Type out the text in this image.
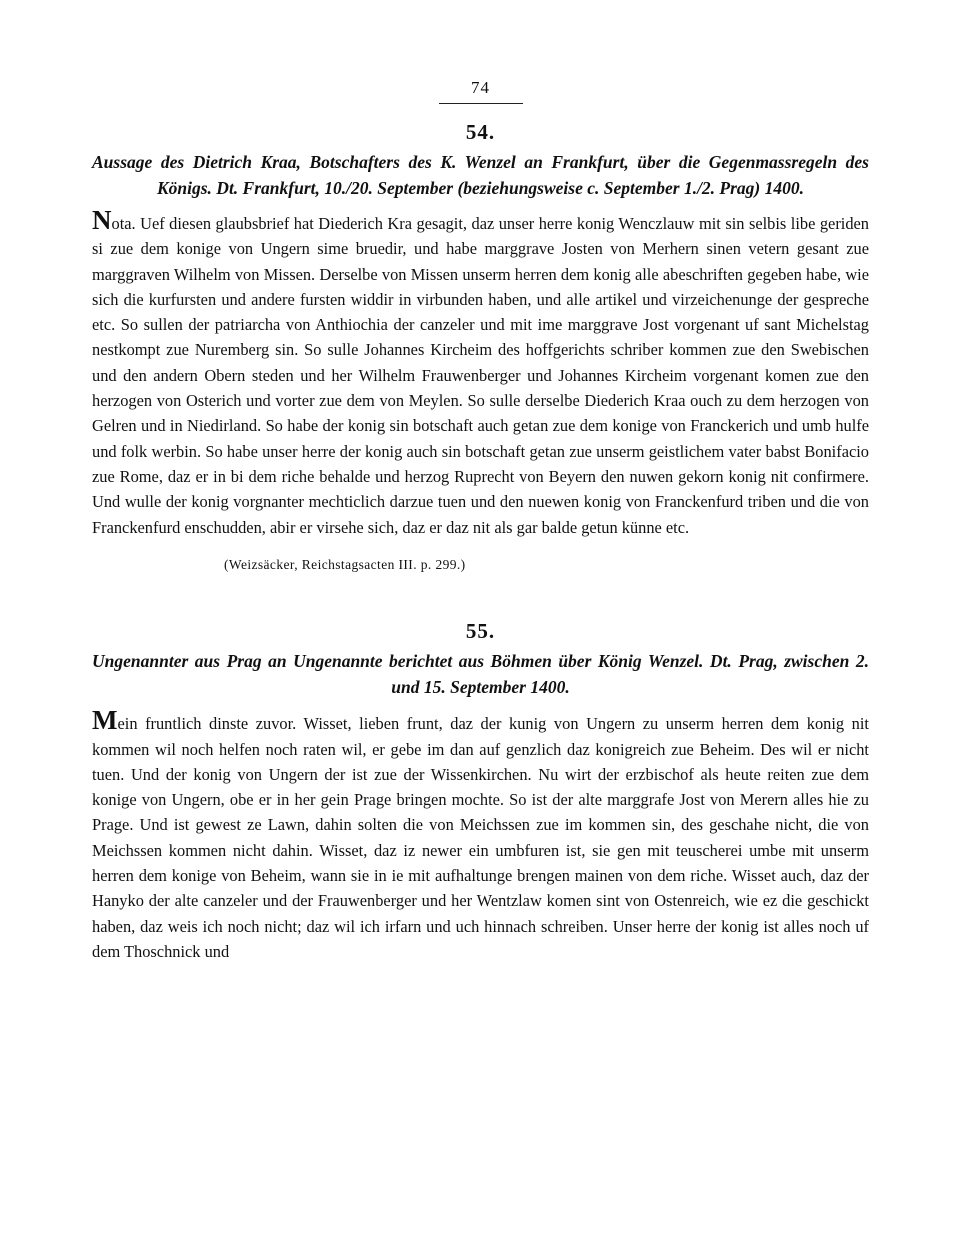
74
54.
Aussage des Dietrich Kraa, Botschafters des K. Wenzel an Frankfurt, über die Gegenmassregeln des Königs. Dt. Frankfurt, 10./20. September (beziehungsweise c. September 1./2. Prag) 1400.

Nota. Uef diesen glaubsbrief hat Diederich Kra gesagit, daz unser herre konig Wenczlauw mit sin selbis libe geriden si zue dem konige von Ungern sime bruedir, und habe marggrave Josten von Merhern sinen vetern gesant zue marggraven Wilhelm von Missen. Derselbe von Missen unserm herren dem konig alle abeschriften gegeben habe, wie sich die kurfursten und andere fursten widdir in virbunden haben, und alle artikel und virzeichenunge der gespreche etc. So sullen der patriarcha von Anthiochia der canzeler und mit ime marggrave Jost vorgenant uf sant Michelstag nestkompt zue Nuremberg sin. So sulle Johannes Kircheim des hoffgerichts schriber kommen zue den Swebischen und den andern Obern steden und her Wilhelm Frauwenberger und Johannes Kircheim vorgenant komen zue den herzogen von Osterich und vorter zue dem von Meylen. So sulle derselbe Diederich Kraa ouch zu dem herzogen von Gelren und in Niedirland. So habe der konig sin botschaft auch getan zue dem konige von Franckerich und umb hulfe und folk werbin. So habe unser herre der konig auch sin botschaft getan zue unserm geistlichem vater babst Bonifacio zue Rome, daz er in bi dem riche behalde und herzog Ruprecht von Beyern den nuwen gekorn konig nit confirmere. Und wulle der konig vorgnanter mechticlich darzue tuen und den nuewen konig von Franckenfurd triben und die von Franckenfurd enschudden, abir er virsehe sich, daz er daz nit als gar balde getun künne etc.

(Weizsäcker, Reichstagsacten III. p. 299.)
55.
Ungenannter aus Prag an Ungenannte berichtet aus Böhmen über König Wenzel. Dt. Prag, zwischen 2. und 15. September 1400.

Mein fruntlich dinste zuvor. Wisset, lieben frunt, daz der kunig von Ungern zu unserm herren dem konig nit kommen wil noch helfen noch raten wil, er gebe im dan auf genzlich daz konigreich zue Beheim. Des wil er nicht tuen. Und der konig von Ungern der ist zue der Wissenkirchen. Nu wirt der erzbischof als heute reiten zue dem konige von Ungern, obe er in her gein Prage bringen mochte. So ist der alte marggrafe Jost von Merern alles hie zu Prage. Und ist gewest ze Lawn, dahin solten die von Meichssen zue im kommen sin, des geschahe nicht, die von Meichssen kommen nicht dahin. Wisset, daz iz newer ein umbfuren ist, sie gen mit teuscherei umbe mit unserm herren dem konige von Beheim, wann sie in ie mit aufhaltunge brengen mainen von dem riche. Wisset auch, daz der Hanyko der alte canzeler und der Frauwenberger und her Wentzlaw komen sint von Ostenreich, wie ez die geschickt haben, daz weis ich noch nicht; daz wil ich irfarn und uch hinnach schreiben. Unser herre der konig ist alles noch uf dem Thoschnick und
